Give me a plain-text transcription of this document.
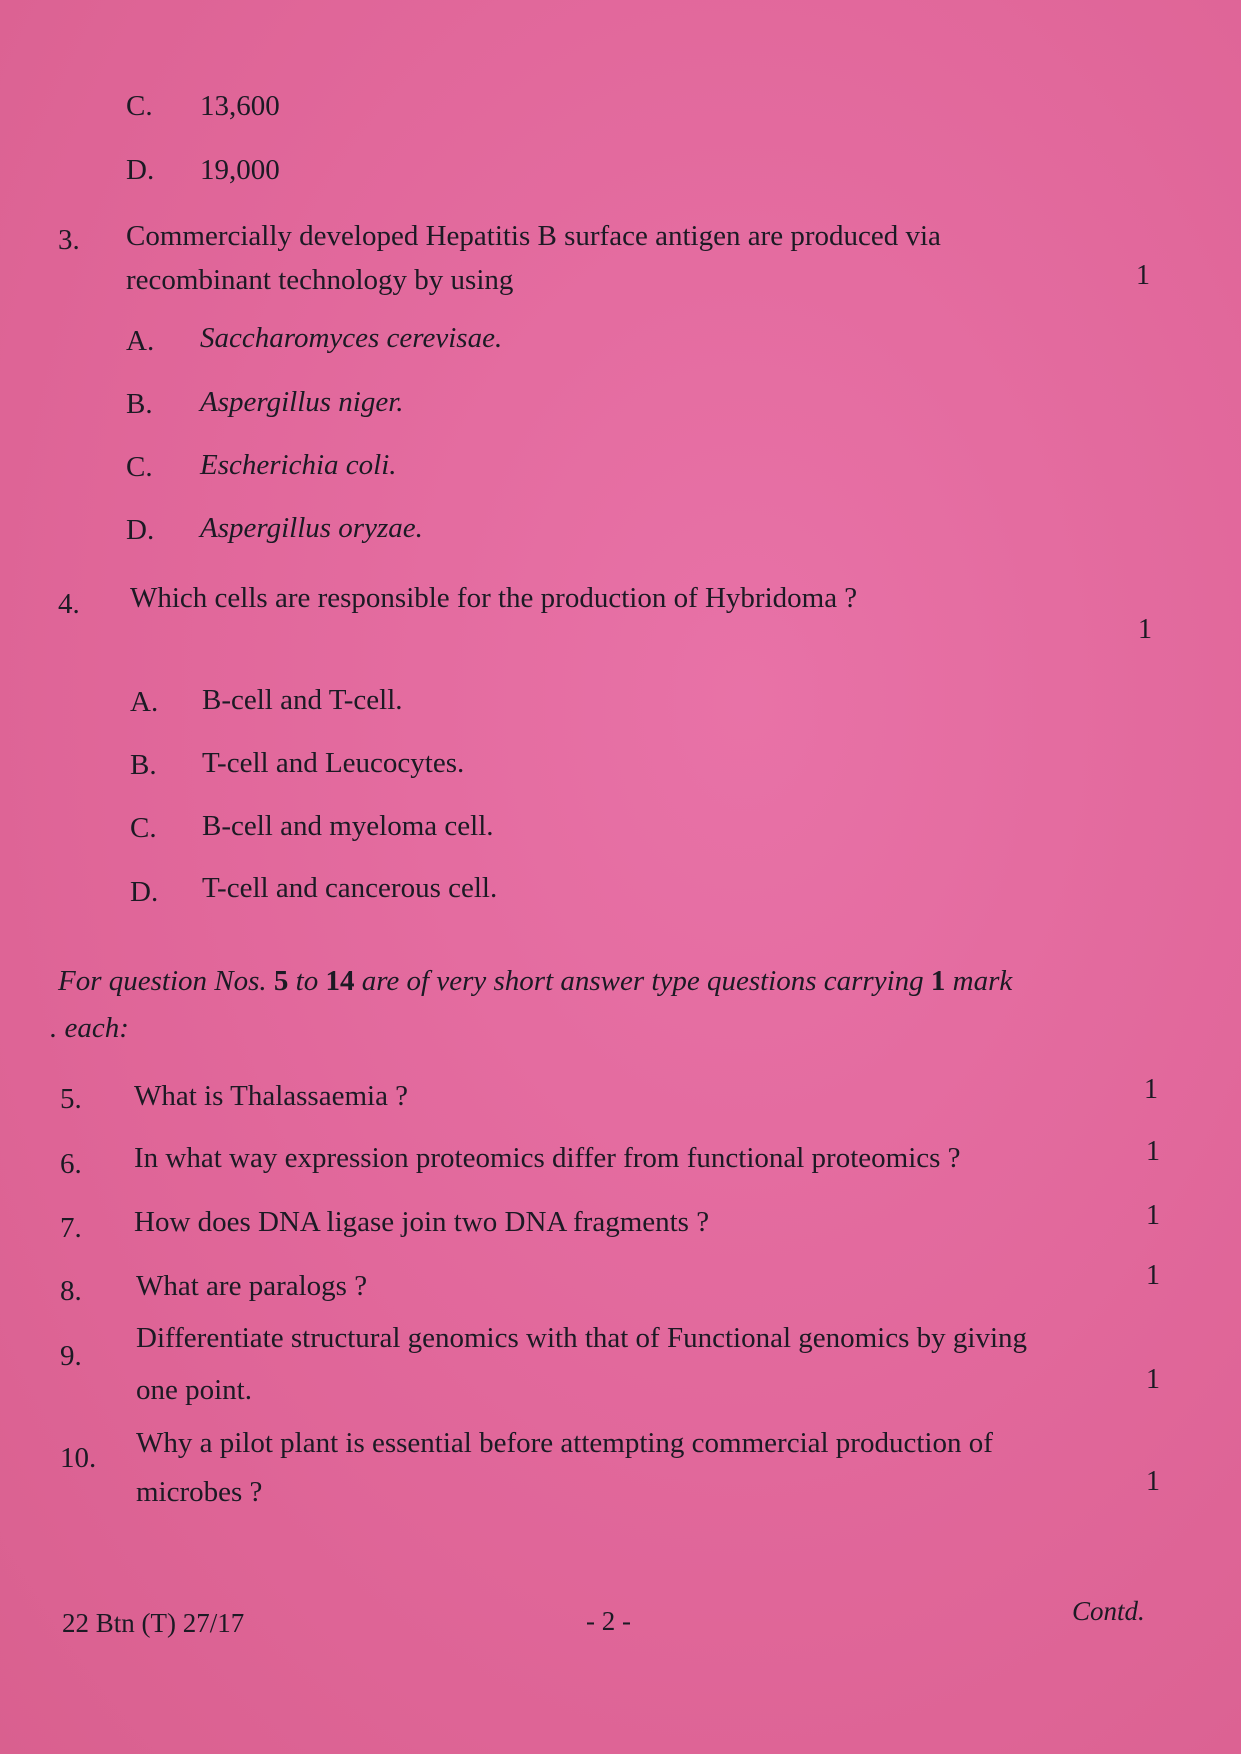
C. 13,600
D. 19,000
3. Commercially developed Hepatitis B surface antigen are produced via
recombinant technology by using	1
A. Saccharomyces cerevisae.
B. Aspergillus niger.
C. Escherichia coli.
D. Aspergillus oryzae.
4. Which cells are responsible for the production of Hybridoma ?
1
A. B-cell and T-cell.
B. T-cell and Leucocytes.
C. B-cell and myeloma cell.
D. T-cell and cancerous cell.
For question Nos. 5 to 14 are of very short answer type questions carrying 1 mark
. each:
5. What is Thalassaemia ?	1
6. In what way expression proteomics differ from functional proteomics ?	1
7. How does DNA ligase join two DNA fragments ?	1
8. What are paralogs ?	1
9.
Differentiate structural genomics with that of Functional genomics by giving
one point.	1
10. Why a pilot plant is essential before attempting commercial production of
microbes ?	1
22 Btn (T) 27/17	- 2 -	Contd.
